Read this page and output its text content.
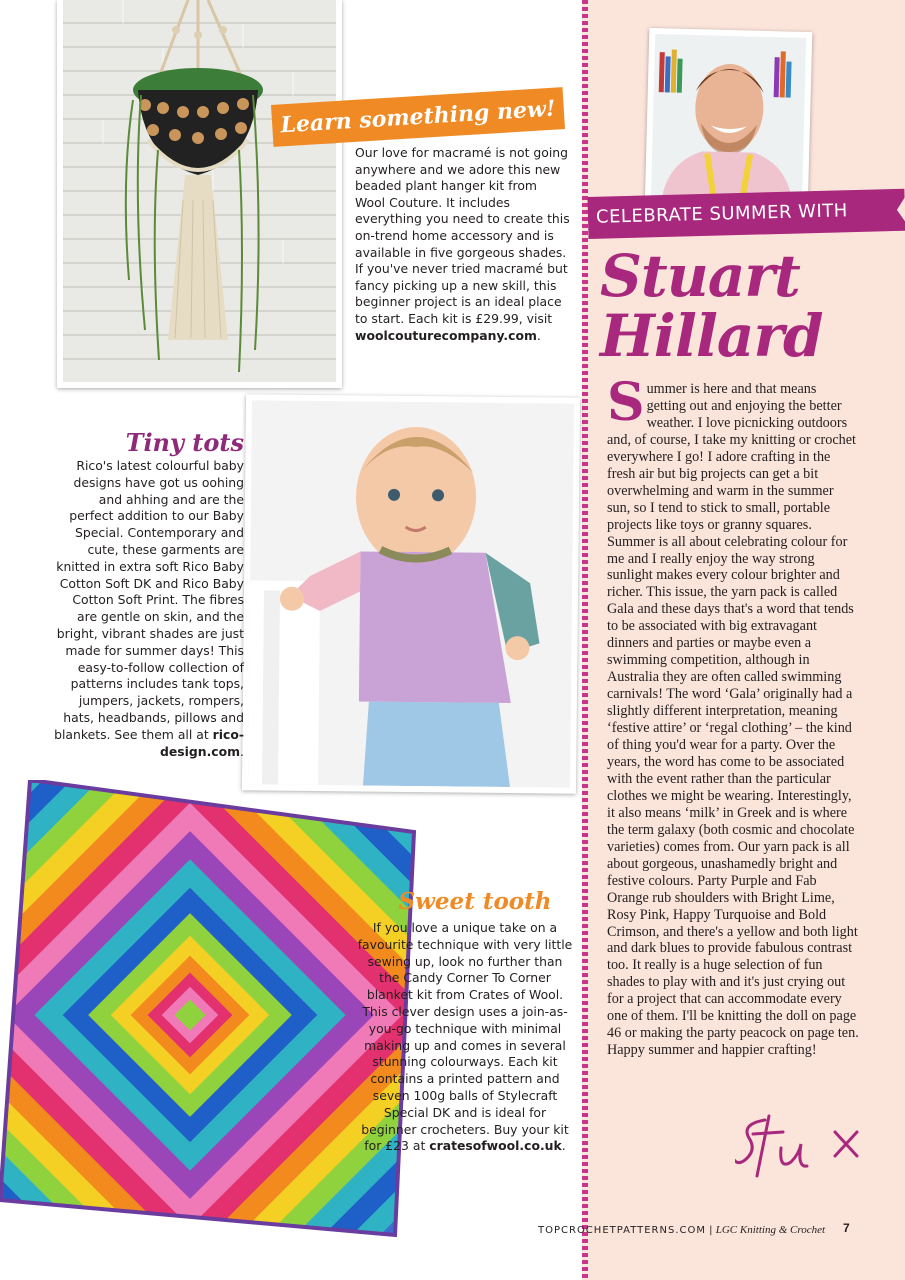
Learn something new!
Our love for macramé is not going anywhere and we adore this new beaded plant hanger kit from Wool Couture. It includes everything you need to create this on-trend home accessory and is available in five gorgeous shades. If you've never tried macramé but fancy picking up a new skill, this beginner project is an ideal place to start. Each kit is £29.99, visit woolcouturecompany.com.
Tiny tots
Rico's latest colourful baby designs have got us oohing and ahhing and are the perfect addition to our Baby Special. Contemporary and cute, these garments are knitted in extra soft Rico Baby Cotton Soft DK and Rico Baby Cotton Soft Print. The fibres are gentle on skin, and the bright, vibrant shades are just made for summer days! This easy-to-follow collection of patterns includes tank tops, jumpers, jackets, rompers, hats, headbands, pillows and blankets. See them all at rico-design.com.
Sweet tooth
If you love a unique take on a favourite technique with very little sewing up, look no further than the Candy Corner To Corner blanket kit from Crates of Wool. This clever design uses a join-as-you-go technique with minimal making up and comes in several stunning colourways. Each kit contains a printed pattern and seven 100g balls of Stylecraft Special DK and is ideal for beginner crocheters. Buy your kit for £23 at cratesofwool.co.uk.
CELEBRATE SUMMER WITH
Stuart
Hillard
Summer is here and that means getting out and enjoying the better weather. I love picnicking outdoors and, of course, I take my knitting or crochet everywhere I go! I adore crafting in the fresh air but big projects can get a bit overwhelming and warm in the summer sun, so I tend to stick to small, portable projects like toys or granny squares. Summer is all about celebrating colour for me and I really enjoy the way strong sunlight makes every colour brighter and richer. This issue, the yarn pack is called Gala and these days that's a word that tends to be associated with big extravagant dinners and parties or maybe even a swimming competition, although in Australia they are often called swimming carnivals! The word ‘Gala’ originally had a slightly different interpretation, meaning ‘festive attire’ or ‘regal clothing’ – the kind of thing you'd wear for a party. Over the years, the word has come to be associated with the event rather than the particular clothes we might be wearing. Interestingly, it also means ‘milk’ in Greek and is where the term galaxy (both cosmic and chocolate varieties) comes from. Our yarn pack is all about gorgeous, unashamedly bright and festive colours. Party Purple and Fab Orange rub shoulders with Bright Lime, Rosy Pink, Happy Turquoise and Bold Crimson, and there's a yellow and both light and dark blues to provide fabulous contrast too. It really is a huge selection of fun shades to play with and it's just crying out for a project that can accommodate every one of them. I'll be knitting the doll on page 46 or making the party peacock on page ten. Happy summer and happier crafting!
TOPCROCHETPATTERNS.COM | LGC Knitting & Crochet	7
